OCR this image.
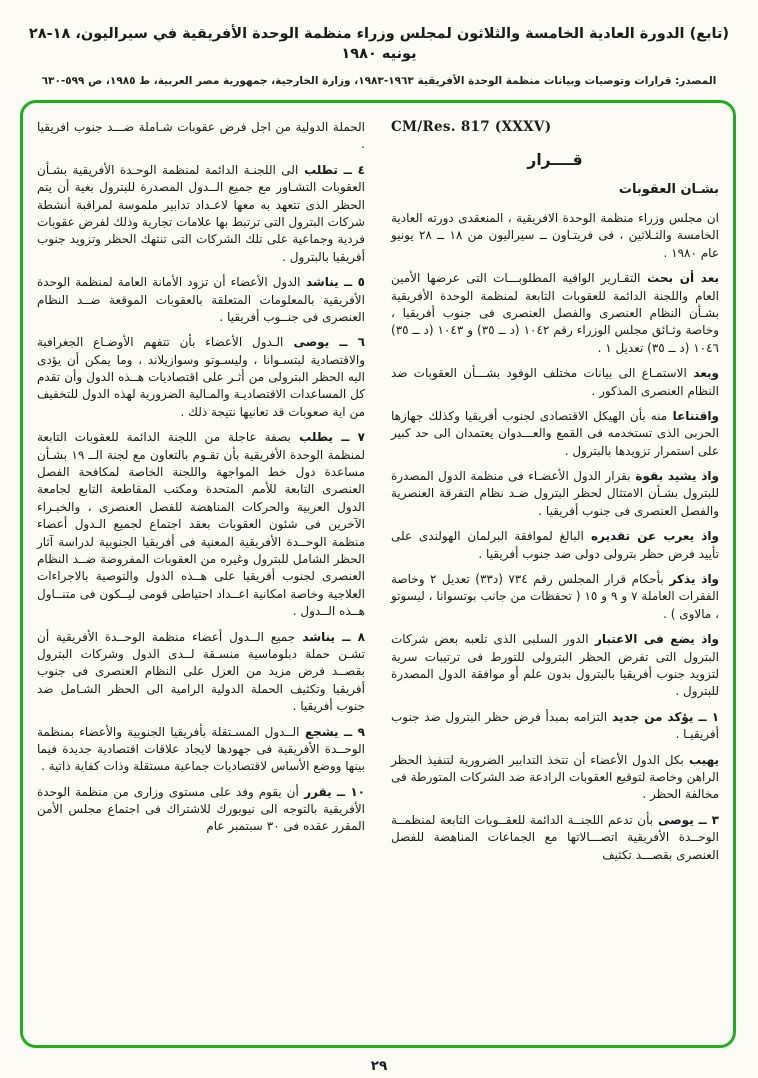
(تابع) الدورة العادية الخامسة والثلاثون لمجلس وزراء منظمة الوحدة الأفريقية في سيراليون، ١٨-٢٨ يونيه ١٩٨٠
المصدر: قرارات وتوصيات وبيانات منظمة الوحدة الأفريقية ١٩٦٣-١٩٨٣، وزارة الخارجية، جمهورية مصر العربية، ط ١٩٨٥، ص ٥٩٩-٦٣٠
CM/Res. 817 (XXXV)
قــــرار
بشـان العقوبات

ان مجلس وزراء منظمة الوحدة الافريقية ، المنعقدى دورته العادية الخامسة والثـلاثين ، فى فريتـاون ــ سيراليون من ١٨ ــ ٢٨ يونيو عام ١٩٨٠ .

بعد أن بحث التقـارير الوافية المطلوبـــات التى عرضها الأمين العام واللجنة الدائمة للعقوبات التابعة لمنظمة الوحدة الأفريقية بشـأن النظام العنصرى والفصل العنصرى فى جنوب أفريقيا ، وخاصة وثـائق مجلس الوزراء رقم ١٠٤٢ (د ــ ٣٥) و ١٠٤٣ (د ــ ٣٥) ١٠٤٦ (د ــ ٣٥) تعديل ١ .

وبعد الاستمـاع الى بيانات مختلف الوفود بشـــأن العقوبات ضد النظام العنصرى المذكور .

واقتناعا منه بأن الهيكل الاقتصادى لجنوب أفريقيا وكذلك جهازها الحربى الذى تستخدمه فى القمع والعـــدوان يعتمدان الى حد كبير على استمرار تزويدها بالبترول .

واذ يشيد بقوة بقرار الدول الأعضـاء فى منظمة الدول المصدرة للبترول بشـأن الامتثال لحظر البترول ضـد نظام التفرقة العنصرية والفصل العنصرى فى جنوب أفريقيا .

واذ يعرب عن تقديره البالغ لموافقة البرلمان الهولندى على تأييد فرض حظر بترولى دولى ضد جنوب أفريقيا .

واذ يذكر بأحكام قرار المجلس رقم ٧٣٤ (د٣٣) تعديل ٢ وخاصة الفقرات العاملة ٧ و ٩ و ١٥ ( تحفظات من جانب بوتسوانا ، ليسوتو ، مالاوى ) .

واذ يضع فى الاعتبار الدور السلبى الذى تلعبه بعض شركات البترول التى تفرض الحظر البترولى للتورط فى ترتيبات سرية لتزويد جنوب أفريقيا بالبترول بدون علم أو موافقة الدول المصدرة للبترول .

١ ــ يؤكد من جديد التزامه بمبدأ فرض حظر البترول ضد جنوب أفريقيـا .

يهيب بكل الدول الأعضاء أن تتخذ التدابير الضرورية لتنفيذ الحظر الراهن وخاصة لتوقيع العقوبات الرادعة ضد الشركات المتورطة فى مخالفة الحظر .

٣ ــ يوصى بأن تدعم اللجنــة الدائمة للعقــوبات التابعة لمنظمــة الوحــدة الأفريقية اتصـــالاتها مع الجماعات المناهضة للفصل العنصرى بقصـــد تكثيف

الحملة الدولية من اجل فرض عقوبات شـاملة ضـــد جنوب افريقيا .

٤ ــ تطلب الى اللجنـة الدائمة لمنظمة الوحـدة الأفريقية بشـأن العقوبات التشـاور مع جميع الــدول المصدرة للبترول بغية أن يتم الحظر الذى تتعهد به معها لاعـداد تدابير ملموسة لمراقبة أنشطة شركات البترول التى ترتبط بها علامات تجارية وذلك لفرض عقوبات فردية وجماعية على تلك الشركات التى تنتهك الحظر وتزويد جنوب أفريقيا بالبترول .

٥ ــ يناشد الدول الأعضاء أن تزود الأمانة العامة لمنظمة الوحدة الأفريقية بالمعلومات المتعلقة بالعقوبات الموقعة ضــد النظام العنصرى فى جنــوب أفريقيا .

٦ ــ يوصى الـدول الأعضاء بأن تتفهم الأوضـاع الجغرافية والاقتصادية لبتسـوانا ، وليسـوتو وسوازيلاند ، وما يمكن أن يؤدى اليه الحظر البترولى من أثـر على اقتصاديات هــذه الدول وأن تقدم كل المساعدات الاقتصاديـة والمـالية الضرورية لهذه الدول للتخفيف من اية صعوبات قد تعانيها نتيجة ذلك .

٧ ــ يطلب بصفة عاجلة من اللجنة الدائمة للعقوبات التابعة لمنظمة الوحدة الأفريقية بأن تقـوم بالتعاون مع لجنة الــ ١٩ بشـأن مساعدة دول خط المواجهة واللجنة الخاصة لمكافحة الفصل العنصرى التابعة للأمم المتحدة ومكتب المقاطعة التابع لجامعة الدول العربية والحركات المناهضة للفصل العنصرى ، والخبـراء الآخرين فى شئون العقوبات بعقد اجتماع لجميع الـدول أعضاء منظمة الوحــدة الأفريقية المعنية فى أفريقيا الجنوبية لدراسة آثار الحظر الشامل للبترول وغيره من العقوبات المفروضة ضــد النظام العنصرى لجنوب أفريقيا على هــذه الدول والتوصية بالاجراءات العلاجية وخاصة امكانية اعــداد احتياطى قومى ليــكون فى متنــاول هــذه الــدول .

٨ ــ يناشد جميع الــدول أعضاء منظمة الوحــدة الأفريقية أن تشـن حملة دبلوماسية منسـقة لــدى الدول وشركات البترول بقصــد فرض مزيد من العزل على النظام العنصرى فى جنوب أفريقيا وتكثيف الحملة الدولية الرامية الى الحظر الشـامل ضد جنوب أفريقيا .

٩ ــ يشجع الــدول المسـتقلة بأفريقيا الجنوبية والأعضاء بمنظمة الوحــدة الأفريقية فى جهودها لايجاد علاقات اقتصادية جديدة فيما بينها ووضع الأساس لاقتصاديات جماعية مستقلة وذات كفاية ذاتية .

١٠ ــ يقرر أن يقوم وفد على مستوى وزارى من منظمة الوحدة الأفريقية بالتوجه الى نيويورك للاشتراك فى اجتماع مجلس الأمن المقرر عقده فى ٣٠ سبتمبر عام

٢٩
